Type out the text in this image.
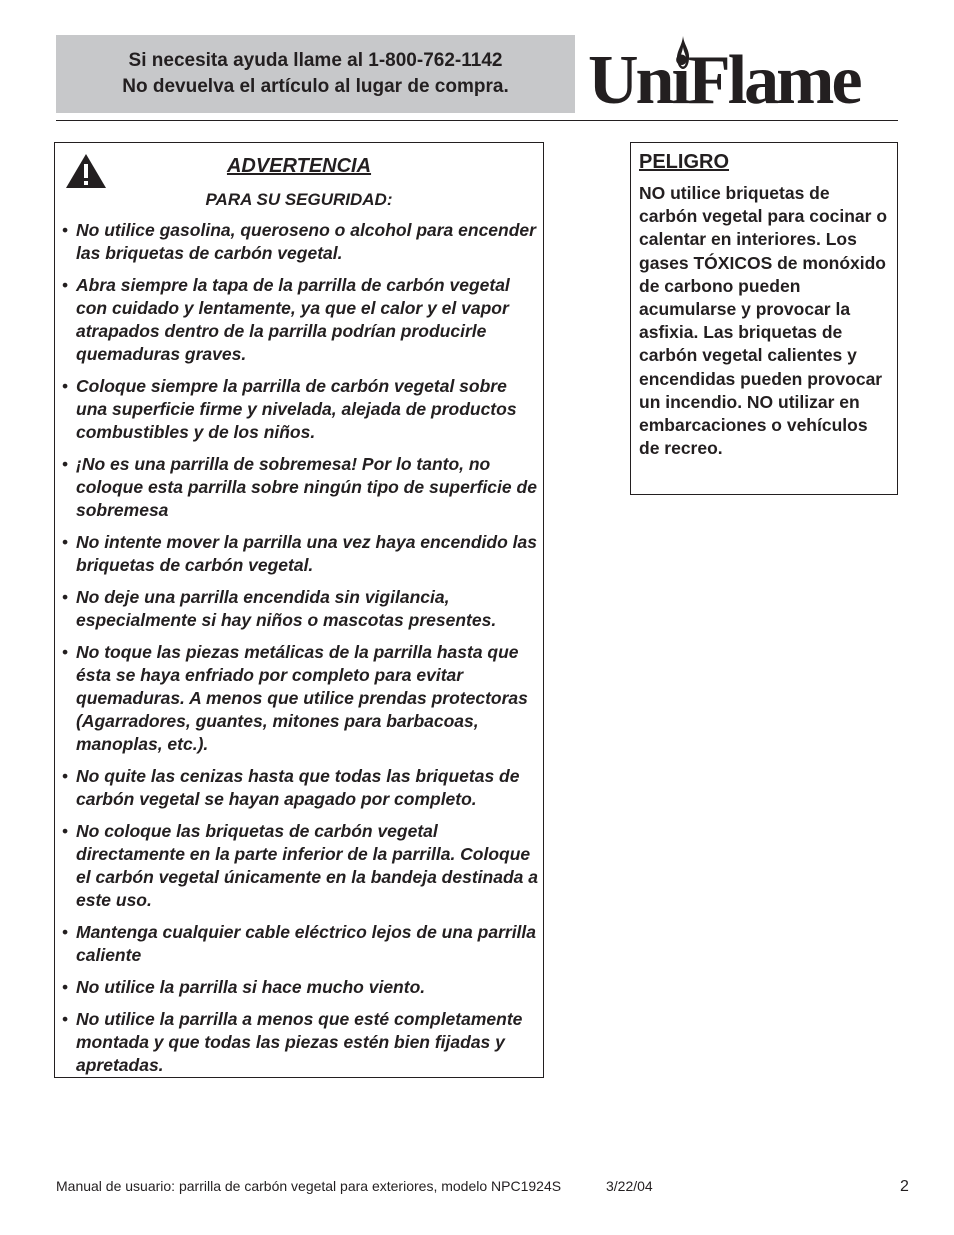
Si necesita ayuda llame al 1-800-762-1142
No devuelva el artículo al lugar de compra. UniFlame
ADVERTENCIA
PARA SU SEGURIDAD:
• No utilice gasolina, queroseno o alcohol para encender las briquetas de carbón vegetal.
• Abra siempre la tapa de la parrilla de carbón vegetal con cuidado y lentamente, ya que el calor y el vapor atrapados dentro de la parrilla podrían producirle quemaduras graves.
• Coloque siempre la parrilla de carbón vegetal sobre una superficie firme y nivelada, alejada de productos combustibles y de los niños.
• ¡No es una parrilla de sobremesa! Por lo tanto, no coloque esta parrilla sobre ningún tipo de superficie de sobremesa
• No intente mover la parrilla una vez haya encendido las briquetas de carbón vegetal.
• No deje una parrilla encendida sin vigilancia, especialmente si hay niños o mascotas presentes.
• No toque las piezas metálicas de la parrilla hasta que ésta se haya enfriado por completo para evitar quemaduras. A menos que utilice prendas protectoras (Agarradores, guantes, mitones para barbacoas, manoplas, etc.).
• No quite las cenizas hasta que todas las briquetas de carbón vegetal se hayan apagado por completo.
• No coloque las briquetas de carbón vegetal directamente en la parte inferior de la parrilla. Coloque el carbón vegetal únicamente en la bandeja destinada a este uso.
• Mantenga cualquier cable eléctrico lejos de una parrilla caliente
• No utilice la parrilla si hace mucho viento.
• No utilice la parrilla a menos que esté completamente montada y que todas las piezas estén bien fijadas y apretadas.
PELIGRO
NO utilice briquetas de carbón vegetal para cocinar o calentar en interiores. Los gases TÓXICOS de monóxido de carbono pueden acumularse y provocar la asfixia. Las briquetas de carbón vegetal calientes y encendidas pueden provocar un incendio. NO utilizar en embarcaciones o vehículos de recreo.
Manual de usuario: parrilla de carbón vegetal para exteriores, modelo NPC1924S	3/22/04	2
